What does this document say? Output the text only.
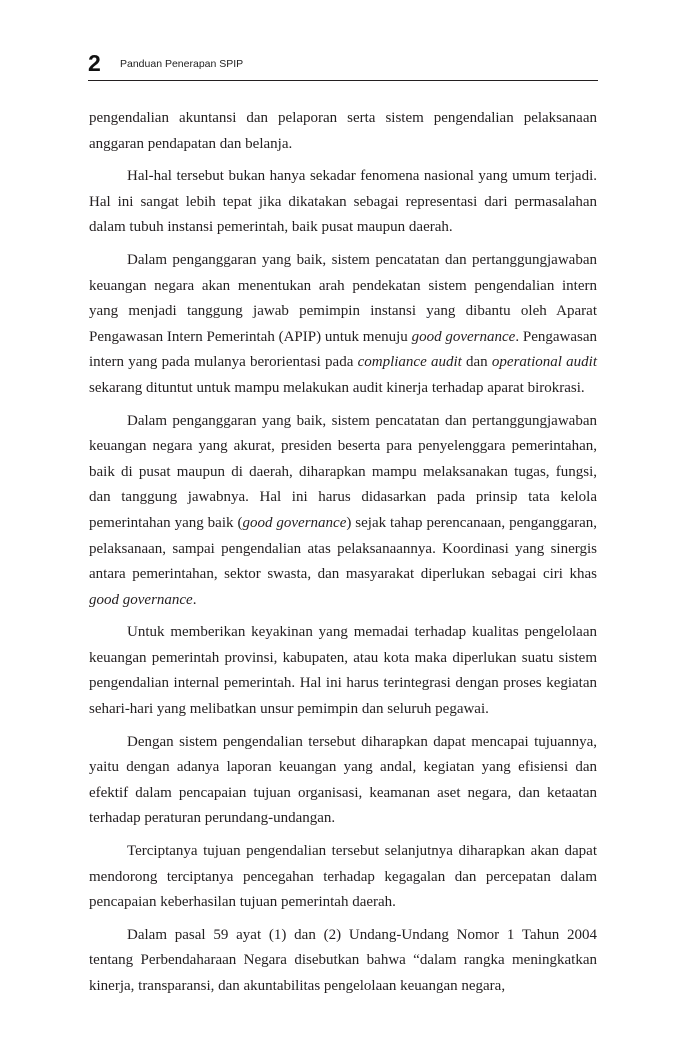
2 Panduan Penerapan SPIP

pengendalian akuntansi dan pelaporan serta sistem pengendalian pelaksanaan anggaran pendapatan dan belanja.

Hal-hal tersebut bukan hanya sekadar fenomena nasional yang umum terjadi. Hal ini sangat lebih tepat jika dikatakan sebagai representasi dari permasalahan dalam tubuh instansi pemerintah, baik pusat maupun daerah.

Dalam penganggaran yang baik, sistem pencatatan dan pertanggungjawaban keuangan negara akan menentukan arah pendekatan sistem pengendalian intern yang menjadi tanggung jawab pemimpin instansi yang dibantu oleh Aparat Pengawasan Intern Pemerintah (APIP) untuk menuju good governance. Pengawasan intern yang pada mulanya berorientasi pada compliance audit dan operational audit sekarang dituntut untuk mampu melakukan audit kinerja terhadap aparat birokrasi.

Dalam penganggaran yang baik, sistem pencatatan dan pertanggungjawaban keuangan negara yang akurat, presiden beserta para penyelenggara pemerintahan, baik di pusat maupun di daerah, diharapkan mampu melaksanakan tugas, fungsi, dan tanggung jawabnya. Hal ini harus didasarkan pada prinsip tata kelola pemerintahan yang baik (good governance) sejak tahap perencanaan, penganggaran, pelaksanaan, sampai pengendalian atas pelaksanaannya. Koordinasi yang sinergis antara pemerintahan, sektor swasta, dan masyarakat diperlukan sebagai ciri khas good governance.

Untuk memberikan keyakinan yang memadai terhadap kualitas pengelolaan keuangan pemerintah provinsi, kabupaten, atau kota maka diperlukan suatu sistem pengendalian internal pemerintah. Hal ini harus terintegrasi dengan proses kegiatan sehari-hari yang melibatkan unsur pemimpin dan seluruh pegawai.

Dengan sistem pengendalian tersebut diharapkan dapat mencapai tujuannya, yaitu dengan adanya laporan keuangan yang andal, kegiatan yang efisiensi dan efektif dalam pencapaian tujuan organisasi, keamanan aset negara, dan ketaatan terhadap peraturan perundang-undangan.

Terciptanya tujuan pengendalian tersebut selanjutnya diharapkan akan dapat mendorong terciptanya pencegahan terhadap kegagalan dan percepatan dalam pencapaian keberhasilan tujuan pemerintah daerah.

Dalam pasal 59 ayat (1) dan (2) Undang-Undang Nomor 1 Tahun 2004 tentang Perbendaharaan Negara disebutkan bahwa “dalam rangka meningkatkan kinerja, transparansi, dan akuntabilitas pengelolaan keuangan negara,
